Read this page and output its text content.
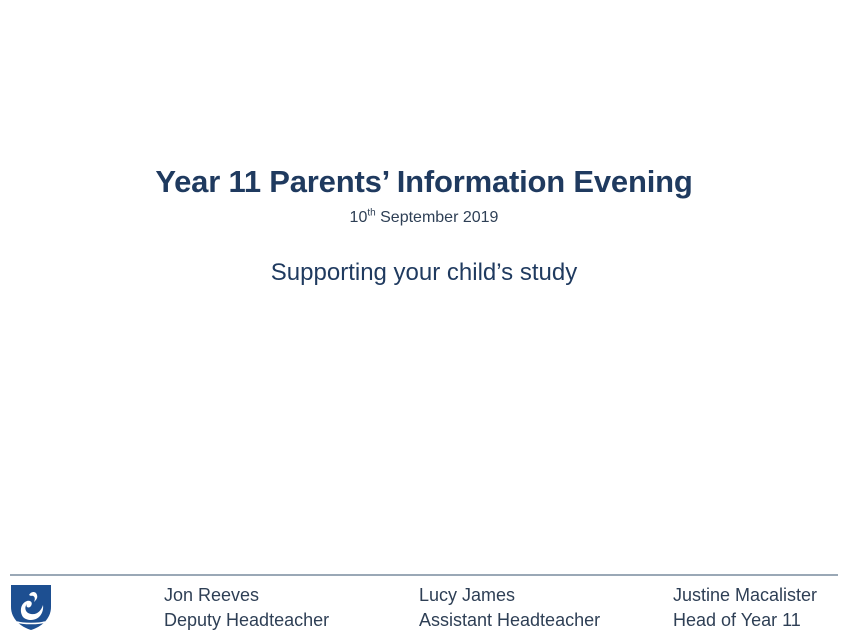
Year 11 Parents’ Information Evening
10th September 2019
Supporting your child’s study
Jon Reeves
Deputy Headteacher
Lucy James
Assistant Headteacher
Justine Macalister
Head of Year 11
